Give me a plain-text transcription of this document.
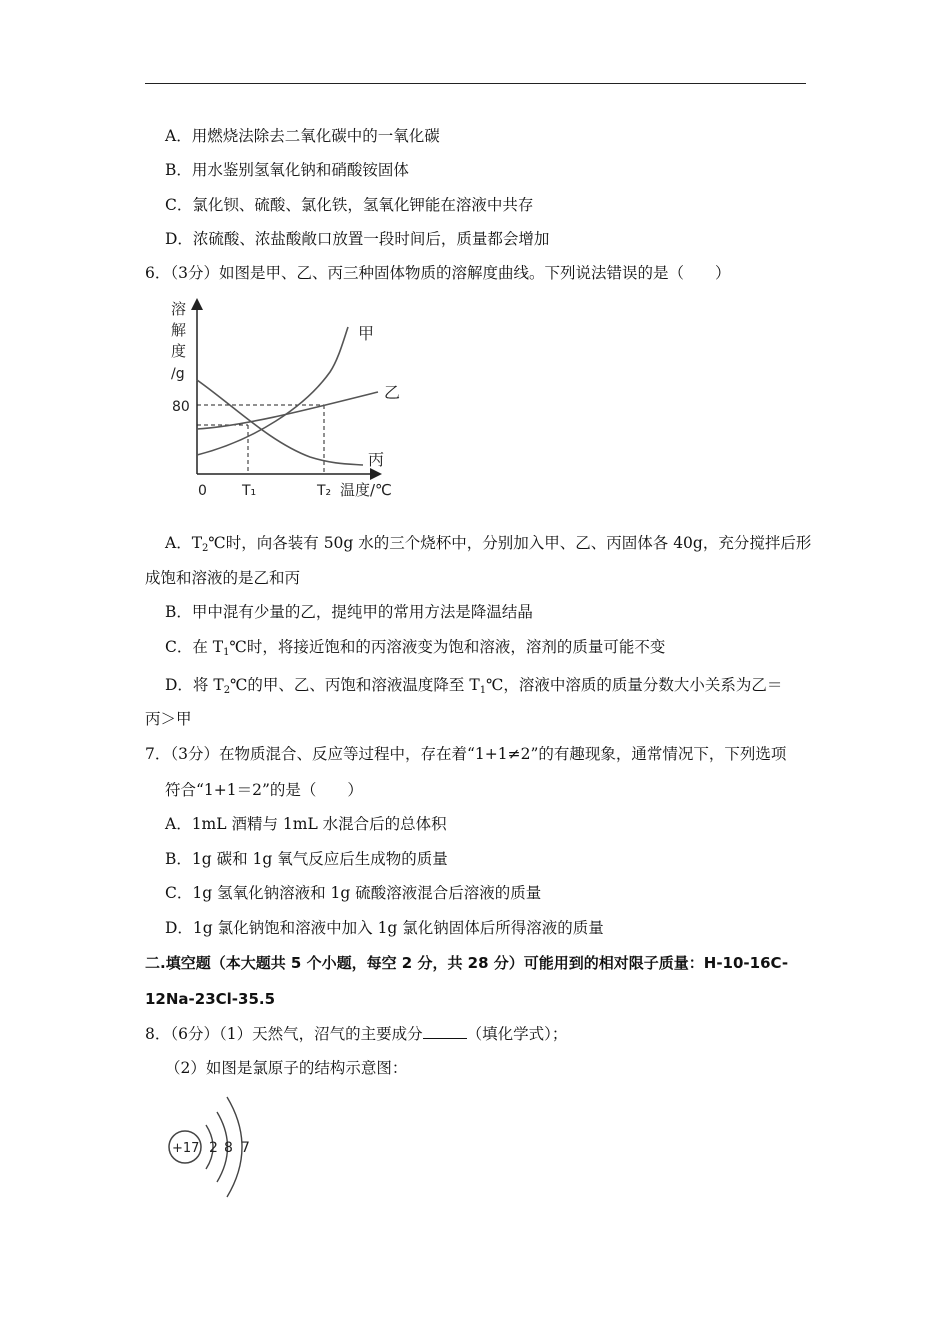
A．用燃烧法除去二氧化碳中的一氧化碳
B．用水鉴别氢氧化钠和硝酸铵固体
C．氯化钡、硫酸、氯化铁，氢氧化钾能在溶液中共存
D．浓硫酸、浓盐酸敞口放置一段时间后，质量都会增加
6．（3分）如图是甲、乙、丙三种固体物质的溶解度曲线。下列说法错误的是（　　）
溶
解
度
/g
80
0	T₁	T₂ 温度/℃
甲
乙
丙
A．$T_2℃$时，向各装有 50g 水的三个烧杯中，分别加入甲、乙、丙固体各 40g，充分搅拌后形
成饱和溶液的是乙和丙
B．甲中混有少量的乙，提纯甲的常用方法是降温结晶
C．在 $T_1℃$时，将接近饱和的丙溶液变为饱和溶液，溶剂的质量可能不变
D．将 $T_2℃$的甲、乙、丙饱和溶液温度降至 $T_1℃$，溶液中溶质的质量分数大小关系为乙＝
丙＞甲
7．（3分）在物质混合、反应等过程中，存在着“1+1≠2”的有趣现象，通常情况下，下列选项
符合“1+1＝2”的是（　　）
A．1mL 酒精与 1mL 水混合后的总体积
B．1g 碳和 1g 氧气反应后生成物的质量
C．1g 氢氧化钠溶液和 1g 硫酸溶液混合后溶液的质量
D．1g 氯化钠饱和溶液中加入 1g 氯化钠固体后所得溶液的质量
二.填空题（本大题共 5 个小题，每空 2 分，共 28 分）可能用到的相对限子质量：H-10-16C-
12Na-23Cl-35.5
8．（6分）（1）天然气，沼气的主要成分	（填化学式）；
（2）如图是氯原子的结构示意图：
+17 2 8 7
